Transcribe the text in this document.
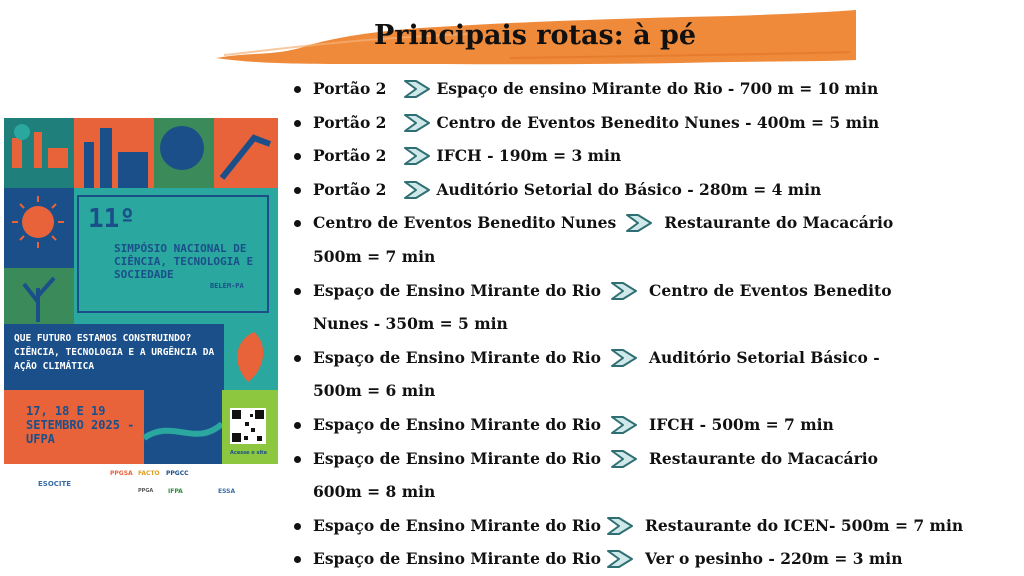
Principais rotas: à pé
11º
SIMPÓSIO NACIONAL DE CIÊNCIA, TECNOLOGIA E SOCIEDADE
BELÉM-PA
QUE FUTURO ESTAMOS CONSTRUINDO? CIÊNCIA, TECNOLOGIA E A URGÊNCIA DA AÇÃO CLIMÁTICA
17, 18 E 19 SETEMBRO 2025 - UFPA
Acesse o site
ESOCITE
PPGSA FACTO PPGCC
PPGA IFPA	ESSA
Portão 2	Espaço de ensino Mirante do Rio - 700 m = 10 min
Portão 2	Centro de Eventos Benedito Nunes - 400m = 5 min
Portão 2	IFCH - 190m = 3 min
Portão 2	Auditório Setorial do Básico - 280m = 4 min
Centro de Eventos Benedito Nunes	Restaurante do Macacário
500m = 7 min
Espaço de Ensino Mirante do Rio	Centro de Eventos Benedito
Nunes - 350m = 5 min
Espaço de Ensino Mirante do Rio	Auditório Setorial Básico -
500m = 6 min
Espaço de Ensino Mirante do Rio	IFCH - 500m = 7 min
Espaço de Ensino Mirante do Rio	Restaurante do Macacário
600m = 8 min
Espaço de Ensino Mirante do Rio	Restaurante do ICEN- 500m = 7 min
Espaço de Ensino Mirante do Rio	Ver o pesinho - 220m = 3 min
